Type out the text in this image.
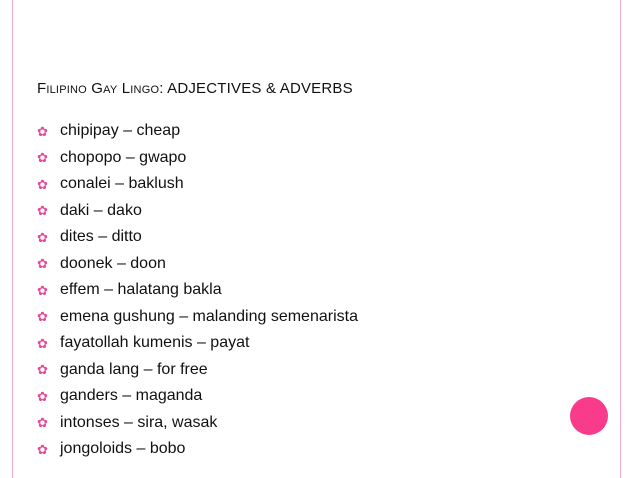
Filipino Gay Lingo: ADJECTIVES & ADVERBS
✿ chipipay – cheap
✿ chopopo – gwapo
✿ conalei – baklush
✿ daki – dako
✿ dites – ditto
✿ doonek – doon
✿ effem – halatang bakla
✿ emena gushung – malanding semenarista
✿ fayatollah kumenis – payat
✿ ganda lang – for free
✿ ganders – maganda
✿ intonses – sira, wasak
✿ jongoloids – bobo
